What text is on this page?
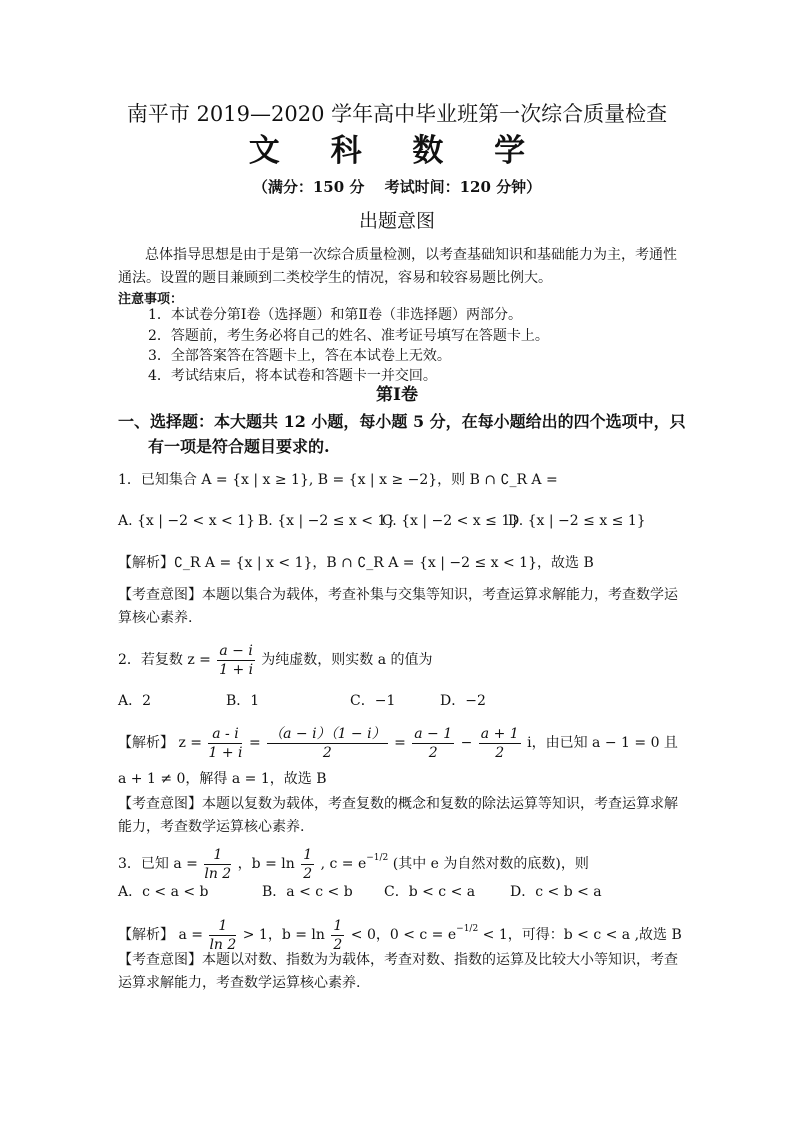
南平市 2019—2020 学年高中毕业班第一次综合质量检查
文 科 数 学
（满分：150 分　 考试时间：120 分钟）
出题意图
总体指导思想是由于是第一次综合质量检测，以考查基础知识和基础能力为主，考通性
通法。设置的题目兼顾到二类校学生的情况，容易和较容易题比例大。
注意事项：
1．本试卷分第Ⅰ卷（选择题）和第Ⅱ卷（非选择题）两部分。
2．答题前，考生务必将自己的姓名、准考证号填写在答题卡上。
3．全部答案答在答题卡上，答在本试卷上无效。
4．考试结束后，将本试卷和答题卡一并交回。
第Ⅰ卷
一、选择题：本大题共 12 小题，每小题 5 分，在每小题给出的四个选项中，只
有一项是符合题目要求的.
1．已知集合 A = {x | x ≥ 1}, B = {x | x ≥ −2}，则 B ∩ ∁_R A =
A. {x | −2 < x < 1} B. {x | −2 ≤ x < 1}
C. {x | −2 < x ≤ 1}
D. {x | −2 ≤ x ≤ 1}
【解析】∁_R A = {x | x < 1}，B ∩ ∁_R A = {x | −2 ≤ x < 1}，故选 B
【考查意图】本题以集合为载体，考查补集与交集等知识，考查运算求解能力，考查数学运
算核心素养.
2．若复数 $z = \frac{a - i}{1 + i}$ 为纯虚数，则实数 a 的值为
A．2	B．1	C．−1	D．−2
【解析】 $z = \frac{a - i}{1 + i} = \frac{(a - i)(1 - i)}{2} = \frac{a - 1}{2} - \frac{a + 1}{2}$ i，由已知 a − 1 = 0 且
a + 1 ≠ 0，解得 a = 1，故选 B
【考查意图】本题以复数为载体，考查复数的概念和复数的除法运算等知识，考查运算求解
能力，考查数学运算核心素养.
3．已知 $a = \frac{1}{\ln 2}$ ，$b = \ln \frac{1}{2}$ , $c = e^{-1/2}$ (其中 e 为自然对数的底数)，则
A．c < a < b	B．a < c < b C．b < c < a D．c < b < a
【解析】 $a = \frac{1}{\ln 2} > 1$，$b = \ln \frac{1}{2} < 0$，$0 < c = e^{-1/2} < 1$，可得：b < c < a ,故选 B
【考查意图】本题以对数、指数为为载体，考查对数、指数的运算及比较大小等知识，考查
运算求解能力，考查数学运算核心素养.
